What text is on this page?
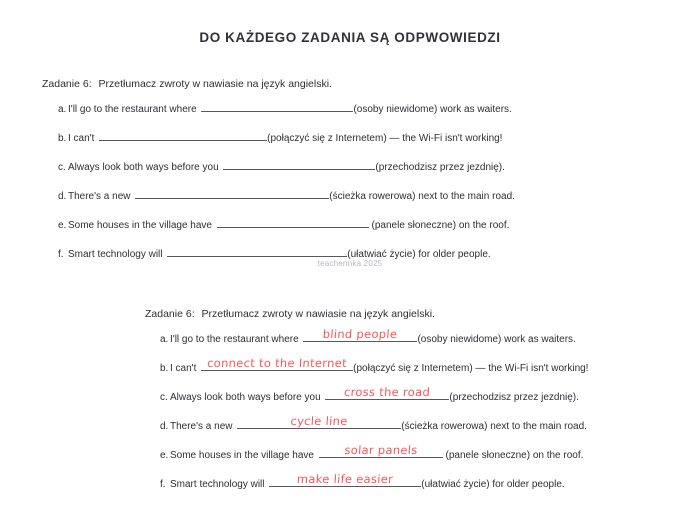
DO KAŻDEGO ZADANIA SĄ ODPWOWIEDZI
Zadanie 6: Przetłumacz zwroty w nawiasie na język angielski.
a. I'll go to the restaurant where	(osoby niewidome) work as waiters.
b. I can't	(połączyć się z Internetem) — the Wi-Fi isn't working!
c. Always look both ways before you	(przechodzisz przez jezdnię).
d. There's a new	(ścieżka rowerowa) next to the main road.
e. Some houses in the village have	(panele słoneczne) on the roof.
f. Smart technology will	(ułatwiać życie) for older people.
teacherinka 2025
Zadanie 6: Przetłumacz zwroty w nawiasie na język angielski.
a. I'll go to the restaurant where	blind people	(osoby niewidome) work as waiters.
b. I can't connect to the Internet (połączyć się z Internetem) — the Wi-Fi isn't working!
c. Always look both ways before you	cross the road	(przechodzisz przez jezdnię).
d. There's a new	cycle line	(ścieżka rowerowa) next to the main road.
e. Some houses in the village have	solar panels	(panele słoneczne) on the roof.
f. Smart technology will	make life easier	(ułatwiać życie) for older people.
